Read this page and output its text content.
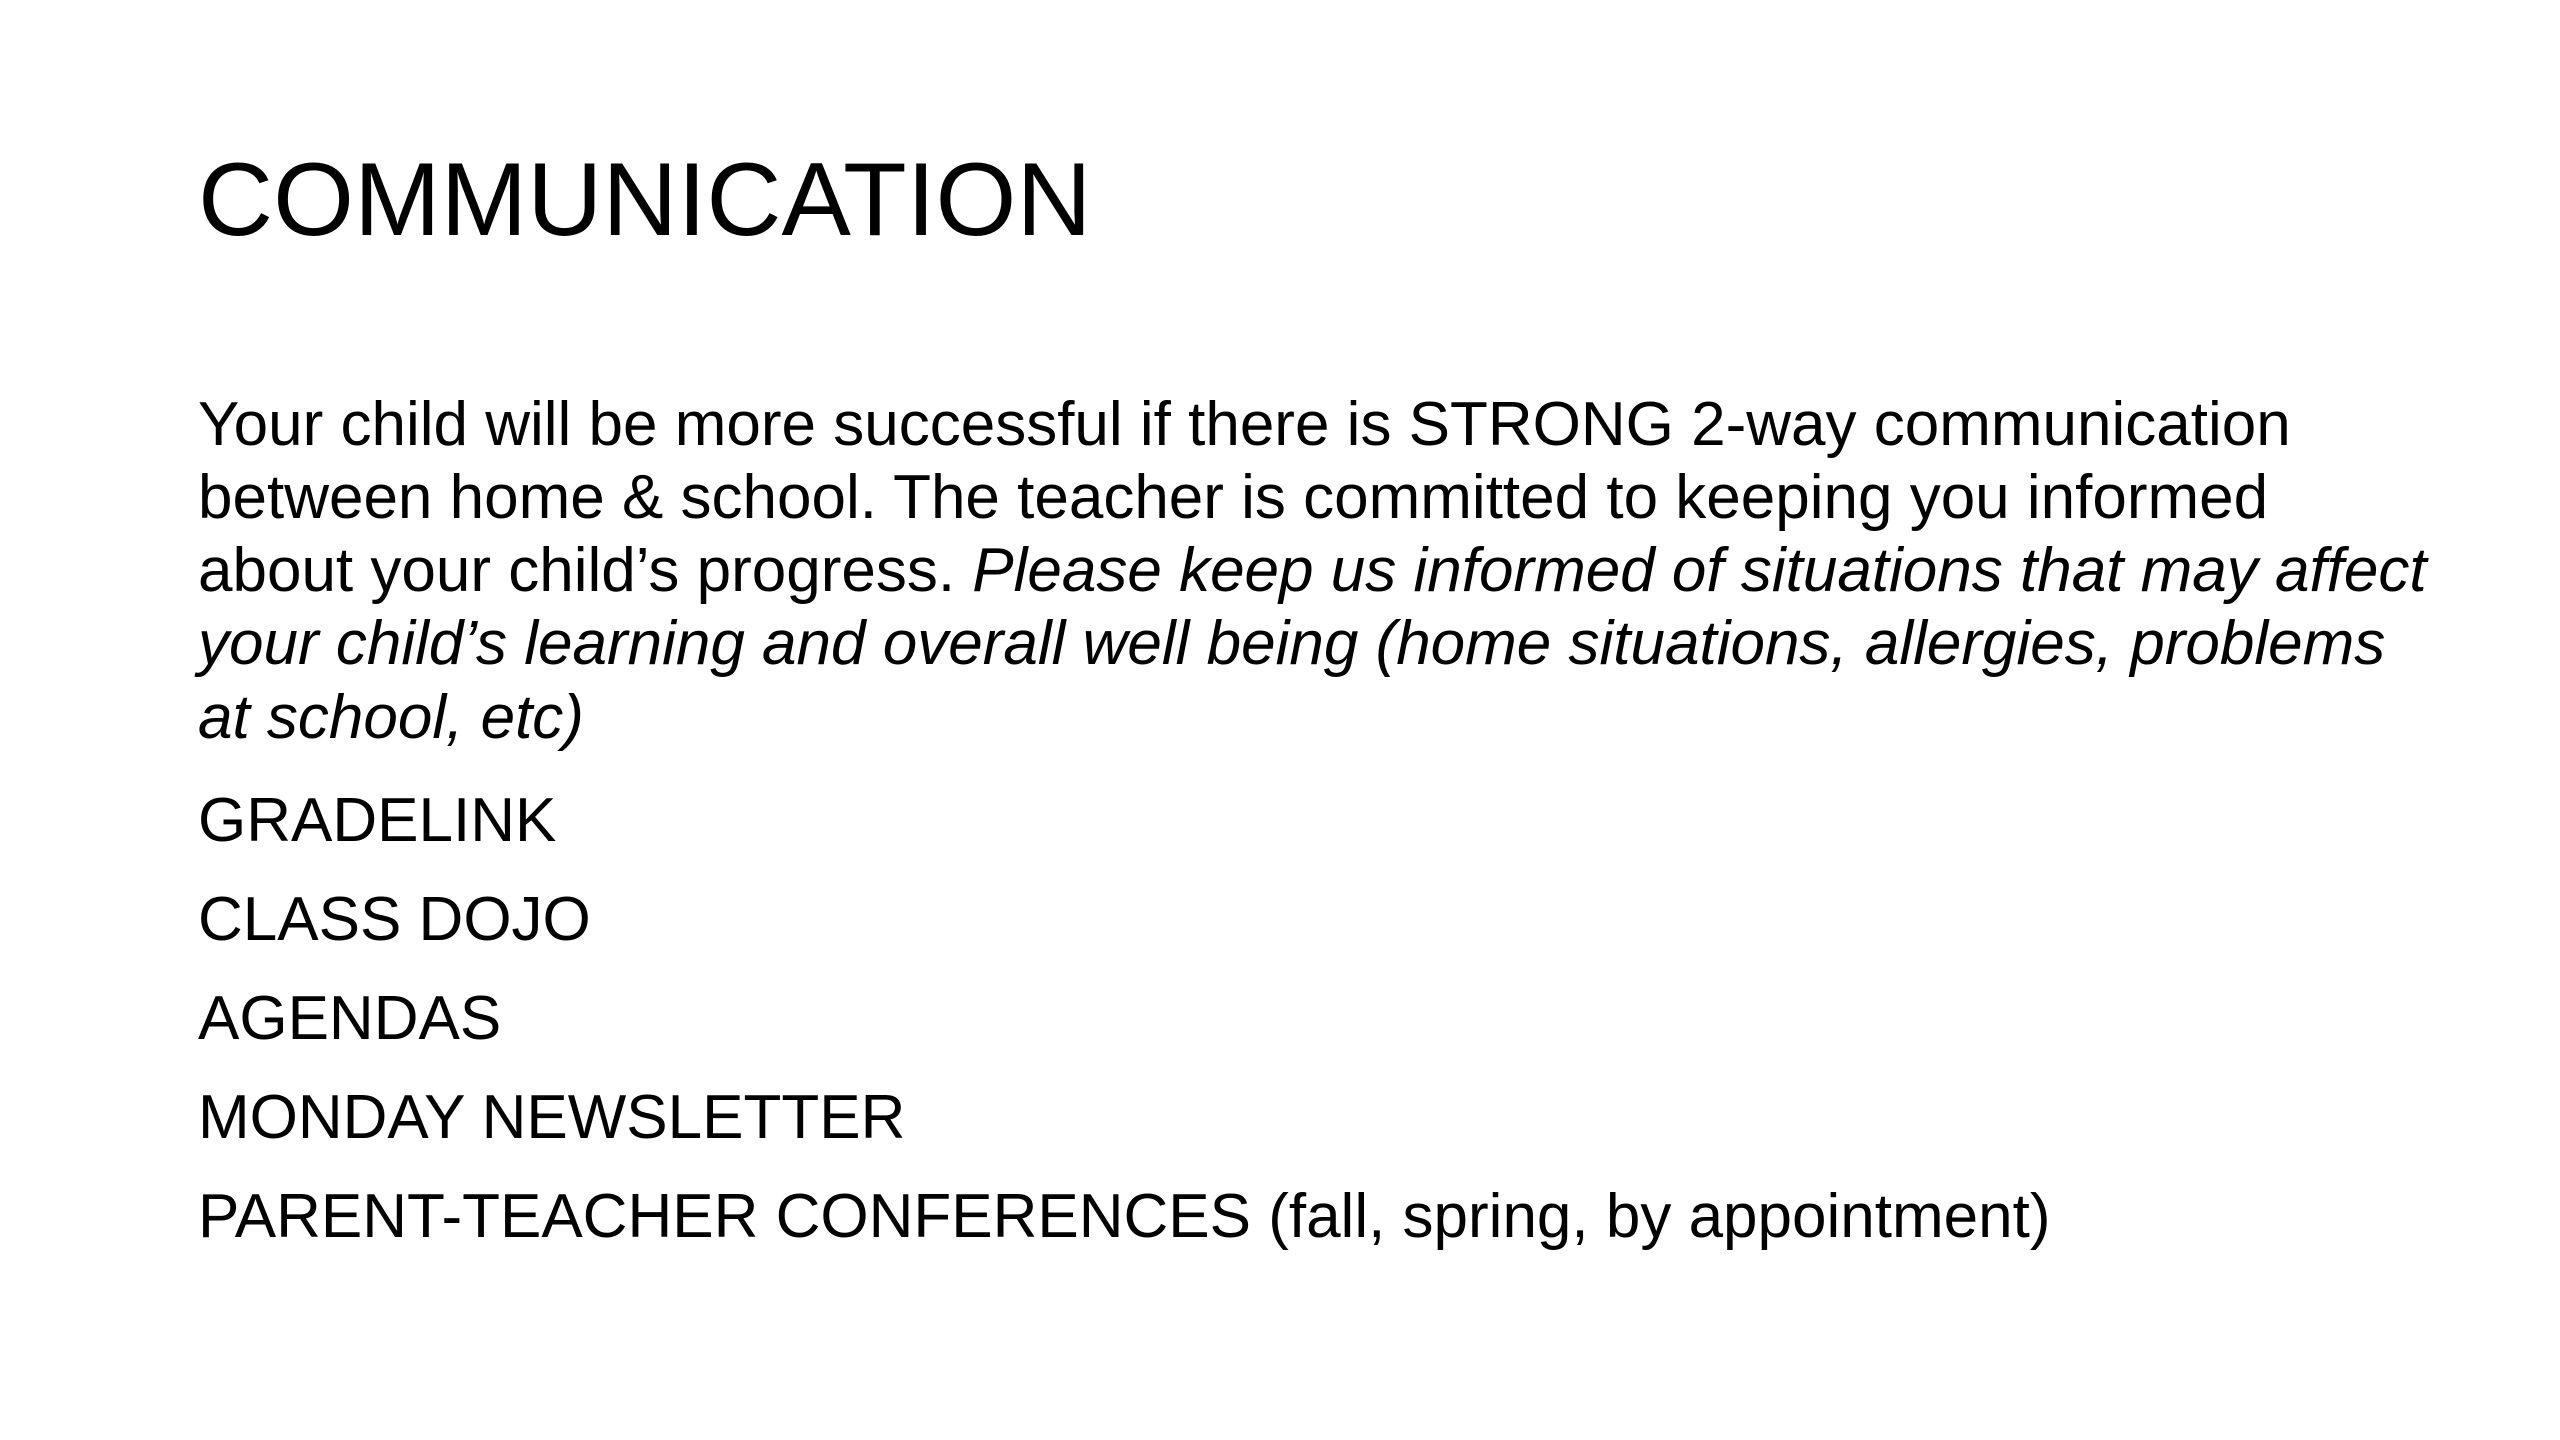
COMMUNICATION

Your child will be more successful if there is STRONG 2-way communication between home & school. The teacher is committed to keeping you informed about your child’s progress. Please keep us informed of situations that may affect your child’s learning and overall well being (home situations, allergies, problems at school, etc)

GRADELINK
CLASS DOJO
AGENDAS
MONDAY NEWSLETTER
PARENT-TEACHER CONFERENCES (fall, spring, by appointment)
